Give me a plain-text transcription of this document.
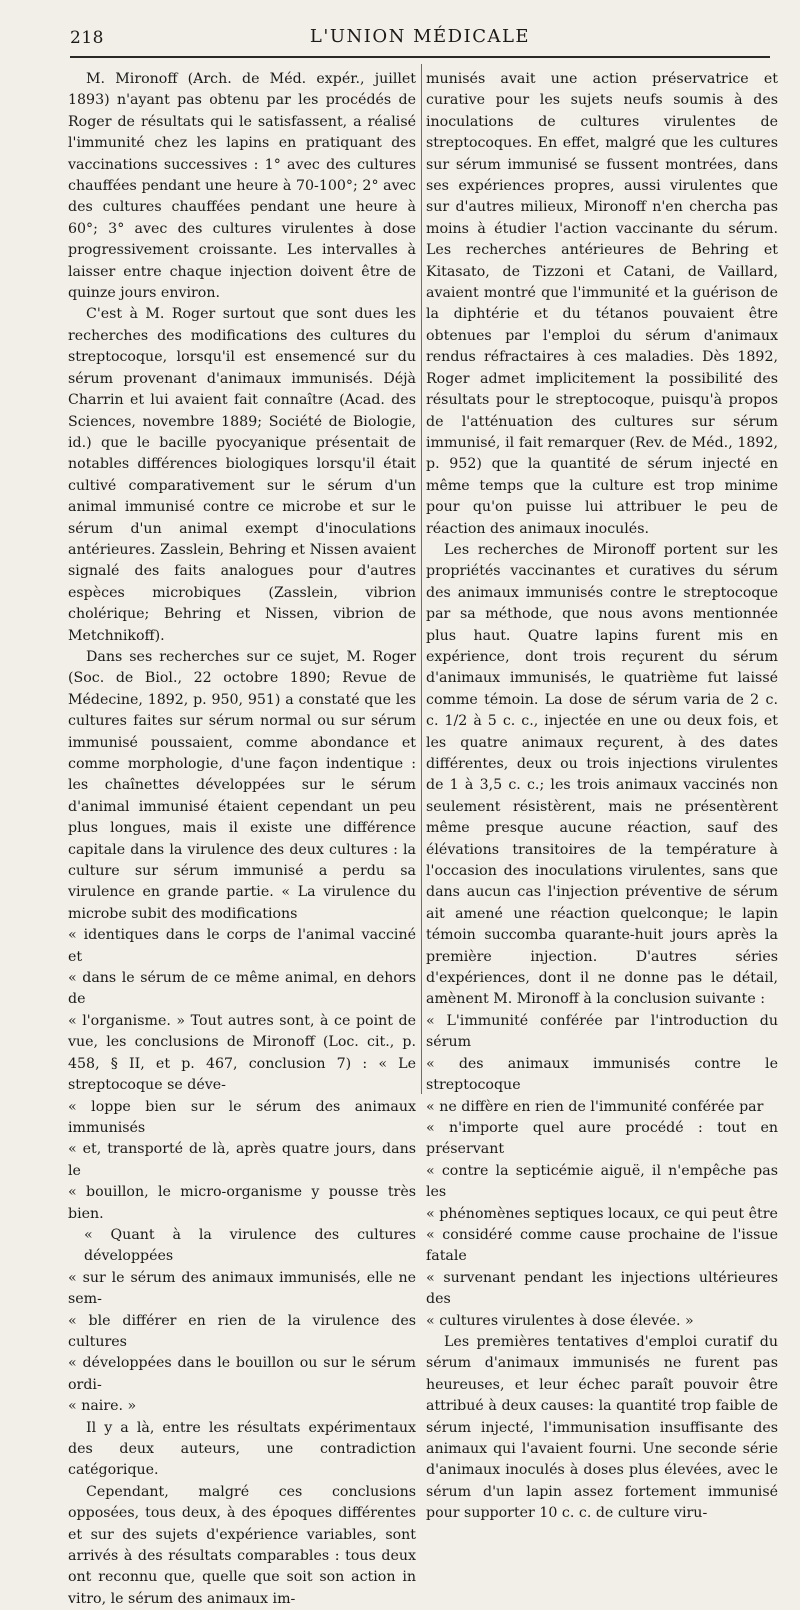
218	L'UNION MÉDICALE

M. Mironoff (Arch. de Méd. expér., juillet 1893) n'ayant pas obtenu par les procédés de Roger de résultats qui le satisfassent, a réalisé l'immunité chez les lapins en pratiquant des vaccinations successives : 1° avec des cultures chauffées pendant une heure à 70-100°; 2° avec des cultures chauffées pendant une heure à 60°; 3° avec des cultures virulentes à dose progressivement croissante. Les intervalles à laisser entre chaque injection doivent être de quinze jours environ.

C'est à M. Roger surtout que sont dues les recherches des modifications des cultures du streptocoque, lorsqu'il est ensemencé sur du sérum provenant d'animaux immunisés. Déjà Charrin et lui avaient fait connaître (Acad. des Sciences, novembre 1889; Société de Biologie, id.) que le bacille pyocyanique présentait de notables différences biologiques lorsqu'il était cultivé comparativement sur le sérum d'un animal immunisé contre ce microbe et sur le sérum d'un animal exempt d'inoculations antérieures. Zasslein, Behring et Nissen avaient signalé des faits analogues pour d'autres espèces microbiques (Zasslein, vibrion cholérique; Behring et Nissen, vibrion de Metchnikoff).

Dans ses recherches sur ce sujet, M. Roger (Soc. de Biol., 22 octobre 1890; Revue de Médecine, 1892, p. 950, 951) a constaté que les cultures faites sur sérum normal ou sur sérum immunisé poussaient, comme abondance et comme morphologie, d'une façon indentique : les chaînettes développées sur le sérum d'animal immunisé étaient cependant un peu plus longues, mais il existe une différence capitale dans la virulence des deux cultures : la culture sur sérum immunisé a perdu sa virulence en grande partie. « La virulence du microbe subit des modifications

« identiques dans le corps de l'animal vacciné et
« dans le sérum de ce même animal, en dehors de
« l'organisme. » Tout autres sont, à ce point de vue, les conclusions de Mironoff (Loc. cit., p. 458, § II, et p. 467, conclusion 7) : « Le streptocoque se déve-
« loppe bien sur le sérum des animaux immunisés
« et, transporté de là, après quatre jours, dans le
« bouillon, le micro-organisme y pousse très bien.
« Quant à la virulence des cultures développées
« sur le sérum des animaux immunisés, elle ne sem-
« ble différer en rien de la virulence des cultures
« développées dans le bouillon ou sur le sérum ordi-
« naire. »

Il y a là, entre les résultats expérimentaux des deux auteurs, une contradiction catégorique.

Cependant, malgré ces conclusions opposées, tous deux, à des époques différentes et sur des sujets d'expérience variables, sont arrivés à des résultats comparables : tous deux ont reconnu que, quelle que soit son action in vitro, le sérum des animaux im-

munisés avait une action préservatrice et curative pour les sujets neufs soumis à des inoculations de cultures virulentes de streptocoques. En effet, malgré que les cultures sur sérum immunisé se fussent montrées, dans ses expériences propres, aussi virulentes que sur d'autres milieux, Mironoff n'en chercha pas moins à étudier l'action vaccinante du sérum. Les recherches antérieures de Behring et Kitasato, de Tizzoni et Catani, de Vaillard, avaient montré que l'immunité et la guérison de la diphtérie et du tétanos pouvaient être obtenues par l'emploi du sérum d'animaux rendus réfractaires à ces maladies. Dès 1892, Roger admet implicitement la possibilité des résultats pour le streptocoque, puisqu'à propos de l'atténuation des cultures sur sérum immunisé, il fait remarquer (Rev. de Méd., 1892, p. 952) que la quantité de sérum injecté en même temps que la culture est trop minime pour qu'on puisse lui attribuer le peu de réaction des animaux inoculés.

Les recherches de Mironoff portent sur les propriétés vaccinantes et curatives du sérum des animaux immunisés contre le streptocoque par sa méthode, que nous avons mentionnée plus haut. Quatre lapins furent mis en expérience, dont trois reçurent du sérum d'animaux immunisés, le quatrième fut laissé comme témoin. La dose de sérum varia de 2 c. c. 1/2 à 5 c. c., injectée en une ou deux fois, et les quatre animaux reçurent, à des dates différentes, deux ou trois injections virulentes de 1 à 3,5 c. c.; les trois animaux vaccinés non seulement résistèrent, mais ne présentèrent même presque aucune réaction, sauf des élévations transitoires de la température à l'occasion des inoculations virulentes, sans que dans aucun cas l'injection préventive de sérum ait amené une réaction quelconque; le lapin témoin succomba quarante-huit jours après la première injection. D'autres séries d'expériences, dont il ne donne pas le détail, amènent M. Mironoff à la conclusion suivante :

« L'immunité conférée par l'introduction du sérum
« des animaux immunisés contre le streptocoque
« ne diffère en rien de l'immunité conférée par
« n'importe quel aure procédé : tout en préservant
« contre la septicémie aiguë, il n'empêche pas les
« phénomènes septiques locaux, ce qui peut être
« considéré comme cause prochaine de l'issue fatale
« survenant pendant les injections ultérieures des
« cultures virulentes à dose élevée. »

Les premières tentatives d'emploi curatif du sérum d'animaux immunisés ne furent pas heureuses, et leur échec paraît pouvoir être attribué à deux causes: la quantité trop faible de sérum injecté, l'immunisation insuffisante des animaux qui l'avaient fourni. Une seconde série d'animaux inoculés à doses plus élevées, avec le sérum d'un lapin assez fortement immunisé pour supporter 10 c. c. de culture viru-
